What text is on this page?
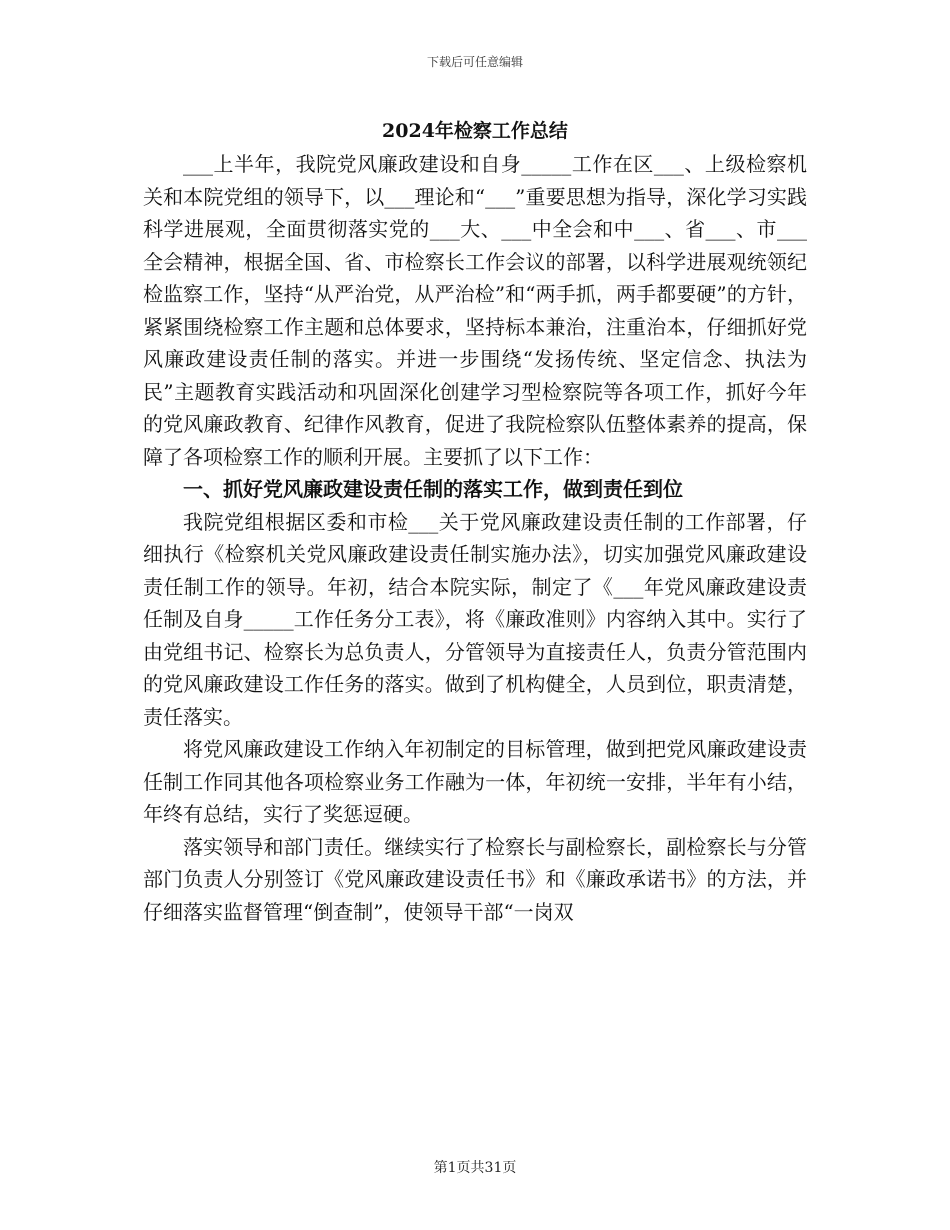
下载后可任意编辑
2024年检察工作总结

___上半年，我院党风廉政建设和自身_____工作在区___、上级检察机关和本院党组的领导下，以___理论和“___”重要思想为指导，深化学习实践科学进展观，全面贯彻落实党的___大、___中全会和中___、省___、市___全会精神，根据全国、省、市检察长工作会议的部署，以科学进展观统领纪检监察工作，坚持“从严治党，从严治检”和“两手抓，两手都要硬”的方针，紧紧围绕检察工作主题和总体要求，坚持标本兼治，注重治本，仔细抓好党风廉政建设责任制的落实。并进一步围绕“发扬传统、坚定信念、执法为民”主题教育实践活动和巩固深化创建学习型检察院等各项工作，抓好今年的党风廉政教育、纪律作风教育，促进了我院检察队伍整体素养的提高，保障了各项检察工作的顺利开展。主要抓了以下工作：

一、抓好党风廉政建设责任制的落实工作，做到责任到位

我院党组根据区委和市检___关于党风廉政建设责任制的工作部署，仔细执行《检察机关党风廉政建设责任制实施办法》，切实加强党风廉政建设责任制工作的领导。年初，结合本院实际，制定了《___年党风廉政建设责任制及自身_____工作任务分工表》，将《廉政准则》内容纳入其中。实行了由党组书记、检察长为总负责人，分管领导为直接责任人，负责分管范围内的党风廉政建设工作任务的落实。做到了机构健全，人员到位，职责清楚，责任落实。

将党风廉政建设工作纳入年初制定的目标管理，做到把党风廉政建设责任制工作同其他各项检察业务工作融为一体，年初统一安排，半年有小结，年终有总结，实行了奖惩逗硬。

落实领导和部门责任。继续实行了检察长与副检察长，副检察长与分管部门负责人分别签订《党风廉政建设责任书》和《廉政承诺书》的方法，并仔细落实监督管理“倒查制”，使领导干部“一岗双

第1页共31页
